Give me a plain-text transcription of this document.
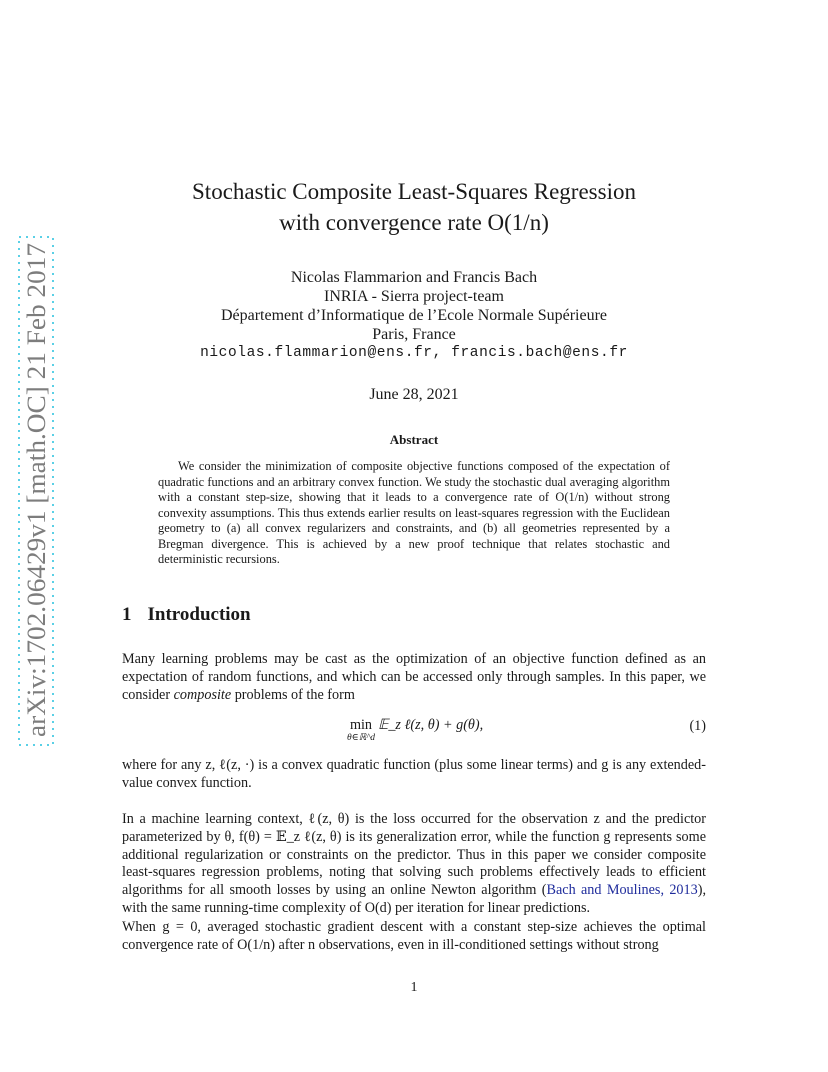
arXiv:1702.06429v1 [math.OC] 21 Feb 2017
Stochastic Composite Least-Squares Regression
with convergence rate O(1/n)
Nicolas Flammarion and Francis Bach
INRIA - Sierra project-team
Département d’Informatique de l’Ecole Normale Supérieure
Paris, France
nicolas.flammarion@ens.fr, francis.bach@ens.fr
June 28, 2021
Abstract
We consider the minimization of composite objective functions composed of the expectation of quadratic functions and an arbitrary convex function. We study the stochastic dual averaging algorithm with a constant step-size, showing that it leads to a convergence rate of O(1/n) without strong convexity assumptions. This thus extends earlier results on least-squares regression with the Euclidean geometry to (a) all convex regularizers and constraints, and (b) all geometries represented by a Bregman divergence. This is achieved by a new proof technique that relates stochastic and deterministic recursions.
1 Introduction
Many learning problems may be cast as the optimization of an objective function defined as an expectation of random functions, and which can be accessed only through samples. In this paper, we consider composite problems of the form
min
θ∈ℝ^d
𝔼_z ℓ(z, θ) + g(θ),	(1)
where for any z, ℓ(z, ·) is a convex quadratic function (plus some linear terms) and g is any extended-value convex function.
In a machine learning context, ℓ(z, θ) is the loss occurred for the observation z and the predictor parameterized by θ, f(θ) = 𝔼_z ℓ(z, θ) is its generalization error, while the function g represents some additional regularization or constraints on the predictor. Thus in this paper we consider composite least-squares regression problems, noting that solving such problems effectively leads to efficient algorithms for all smooth losses by using an online Newton algorithm (Bach and Moulines, 2013), with the same running-time complexity of O(d) per iteration for linear predictions.
When g = 0, averaged stochastic gradient descent with a constant step-size achieves the optimal convergence rate of O(1/n) after n observations, even in ill-conditioned settings without strong
1
